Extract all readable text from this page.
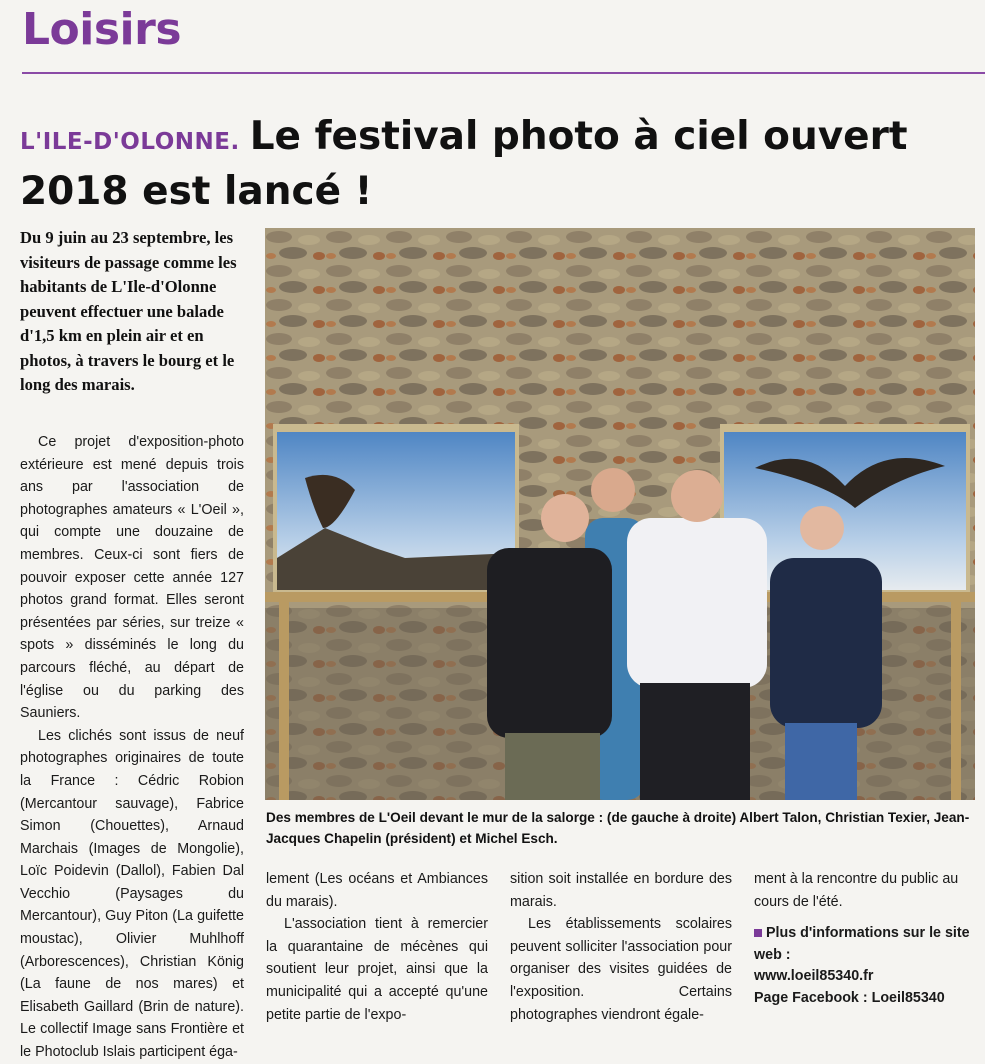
Loisirs
L'ILE-D'OLONNE. Le festival photo à ciel ouvert 2018 est lancé !
Du 9 juin au 23 septembre, les visiteurs de passage comme les habitants de L'Ile-d'Olonne peuvent effectuer une balade d'1,5 km en plein air et en photos, à travers le bourg et le long des marais.

Ce projet d'exposition-photo extérieure est mené depuis trois ans par l'association de photographes amateurs « L'Oeil », qui compte une douzaine de membres. Ceux-ci sont fiers de pouvoir exposer cette année 127 photos grand format. Elles seront présentées par séries, sur treize « spots » disséminés le long du parcours fléché, au départ de l'église ou du parking des Sauniers.

Les clichés sont issus de neuf photographes originaires de toute la France : Cédric Robion (Mercantour sauvage), Fabrice Simon (Chouettes), Arnaud Marchais (Images de Mongolie), Loïc Poidevin (Dallol), Fabien Dal Vecchio (Paysages du Mercantour), Guy Piton (La guifette moustac), Olivier Muhlhoff (Arborescences), Christian König (La faune de nos mares) et Elisabeth Gaillard (Brin de nature). Le collectif Image sans Frontière et le Photoclub Islais participent éga-

Des membres de L'Oeil devant le mur de la salorge : (de gauche à droite) Albert Talon, Christian Texier, Jean-Jacques Chapelin (président) et Michel Esch.

lement (Les océans et Ambiances du marais).

L'association tient à remercier la quarantaine de mécènes qui soutient leur projet, ainsi que la municipalité qui a accepté qu'une petite partie de l'expo-

sition soit installée en bordure des marais.

Les établissements scolaires peuvent solliciter l'association pour organiser des visites guidées de l'exposition. Certains photographes viendront égale-

ment à la rencontre du public au cours de l'été.

Plus d'informations sur le site web :
www.loeil85340.fr
Page Facebook : Loeil85340
